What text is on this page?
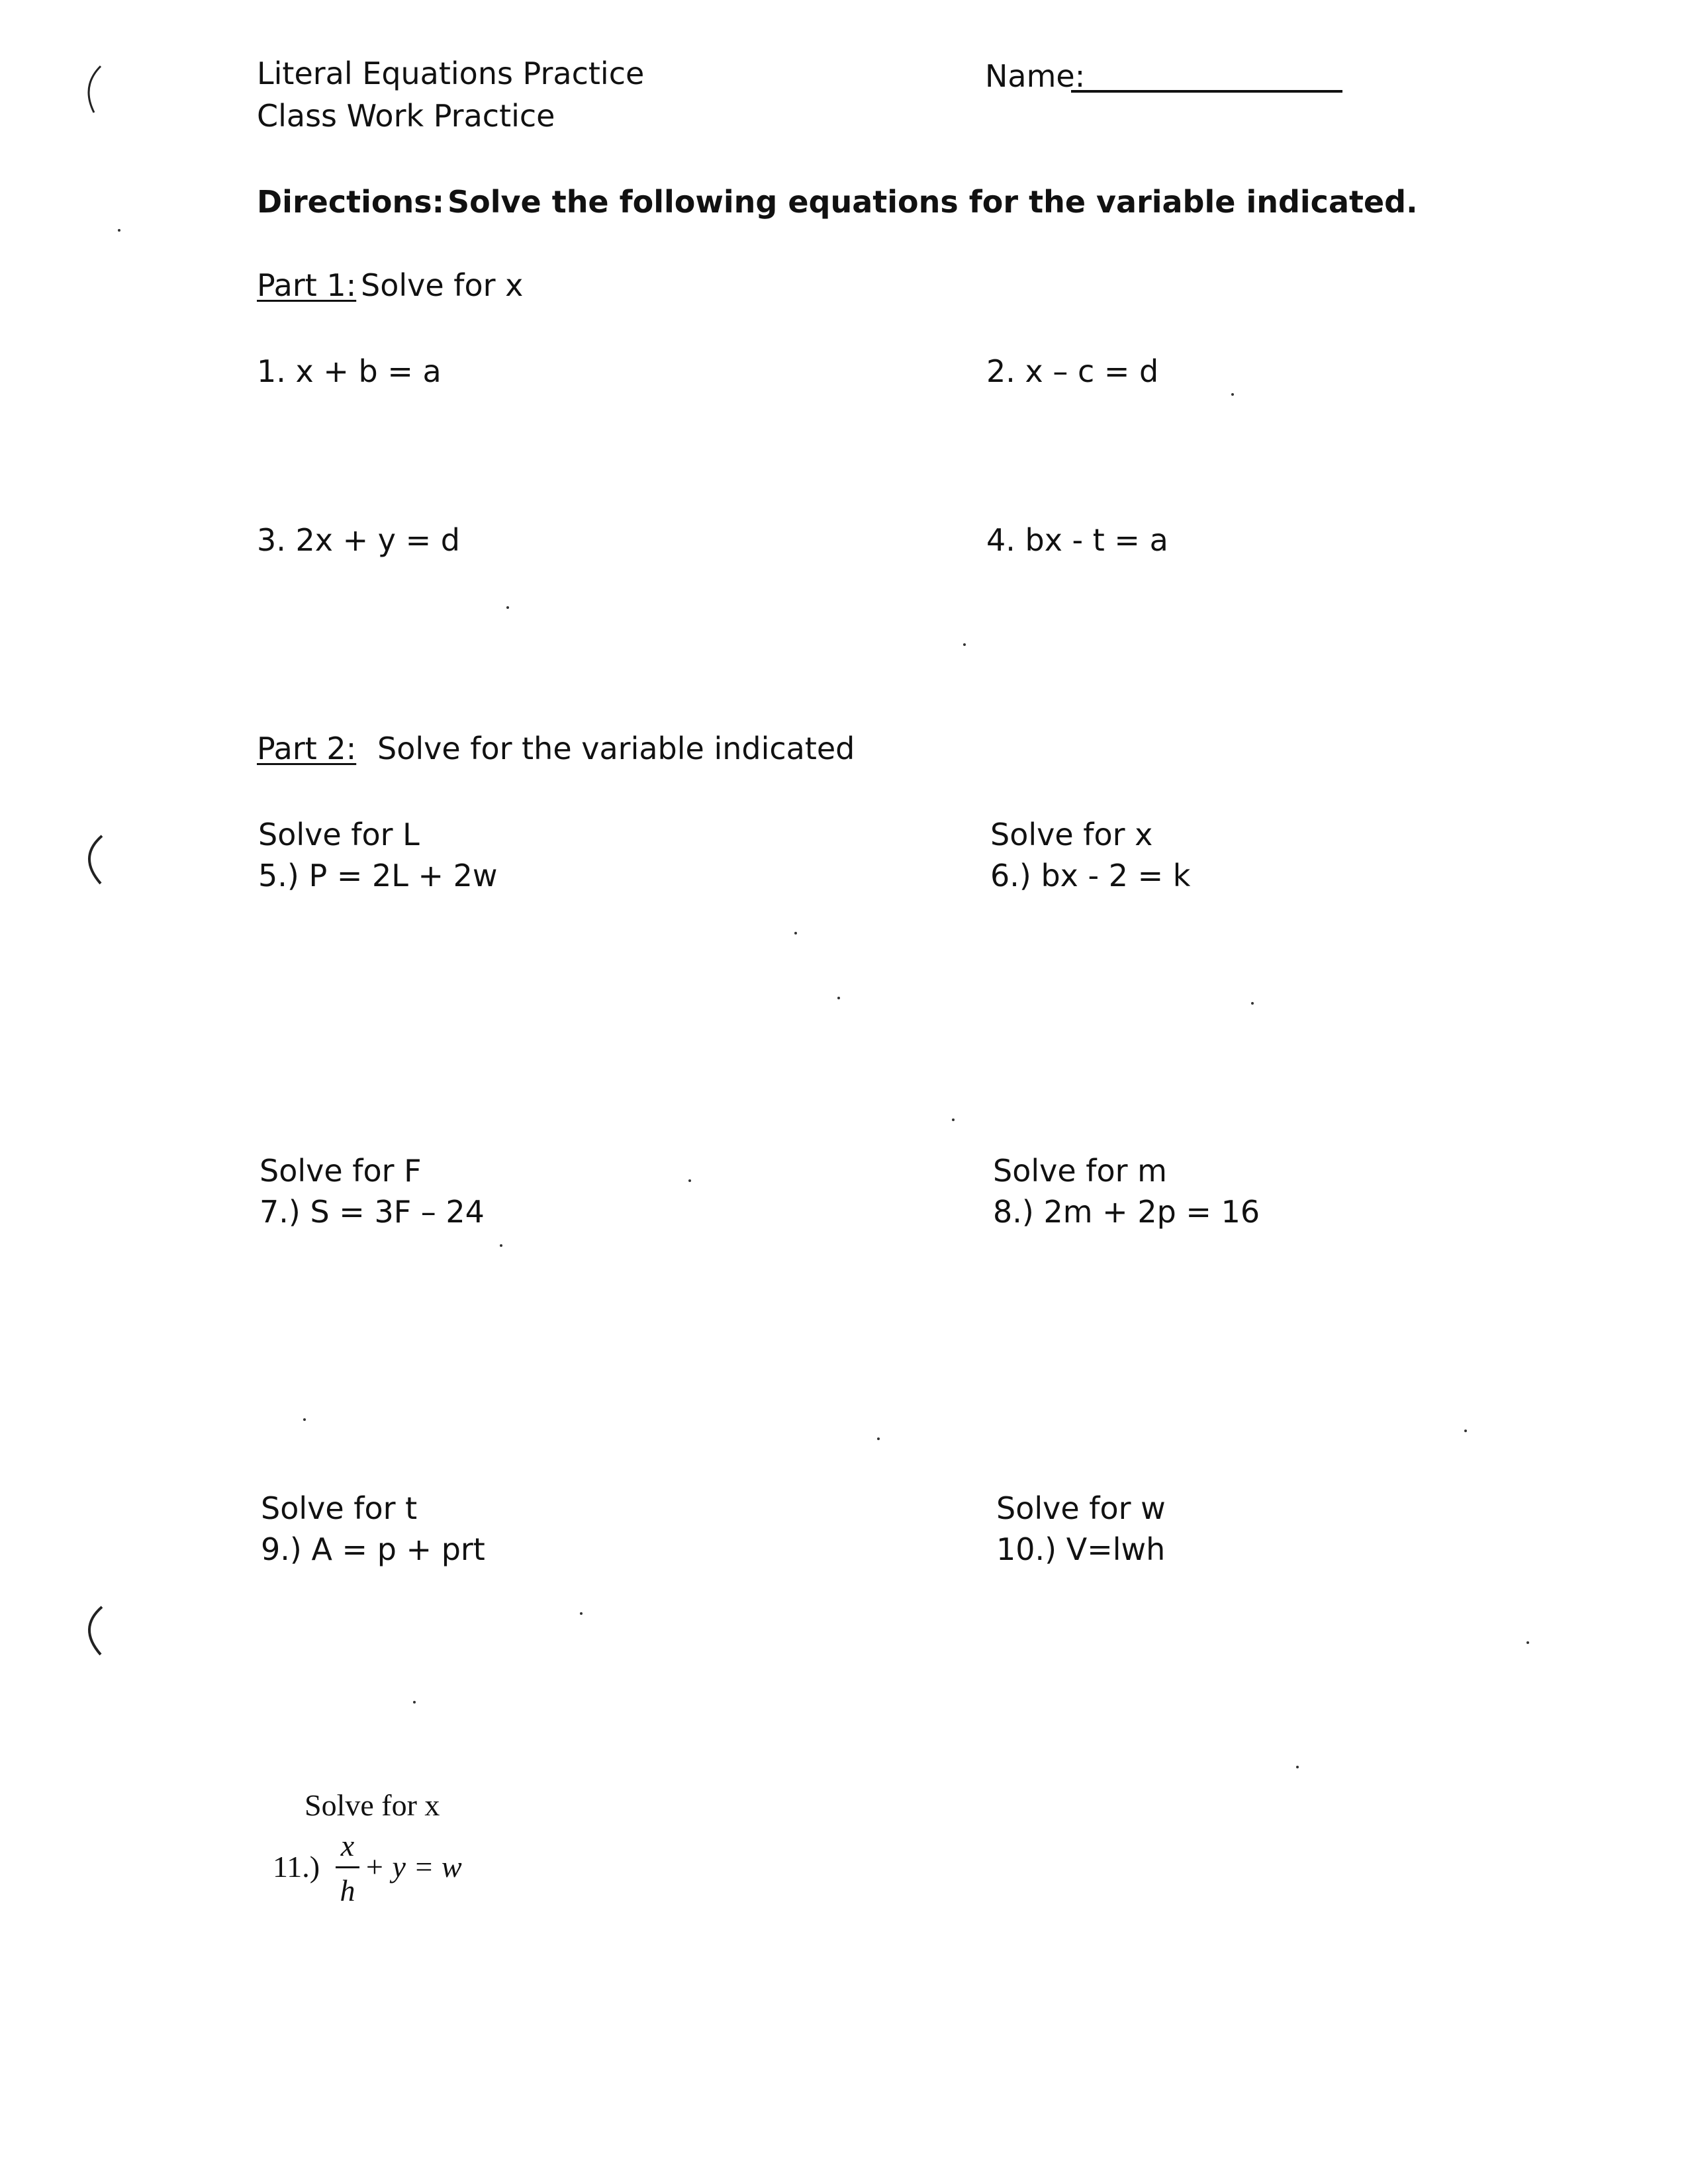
Literal Equations Practice
Class Work Practice
Name:
Directions: Solve the following equations for the variable indicated.
Part 1: Solve for x
1. x + b = a	2. x – c = d
3. 2x + y = d	4. bx - t = a
Part 2: Solve for the variable indicated
Solve for L
5.) P = 2L + 2w
Solve for x
6.) bx - 2 = k
Solve for F
7.) S = 3F – 24
Solve for m
8.) 2m + 2p = 16
Solve for t
9.) A = p + prt
Solve for w
10.) V=lwh
Solve for x
11.)
x
h
+ y = w
